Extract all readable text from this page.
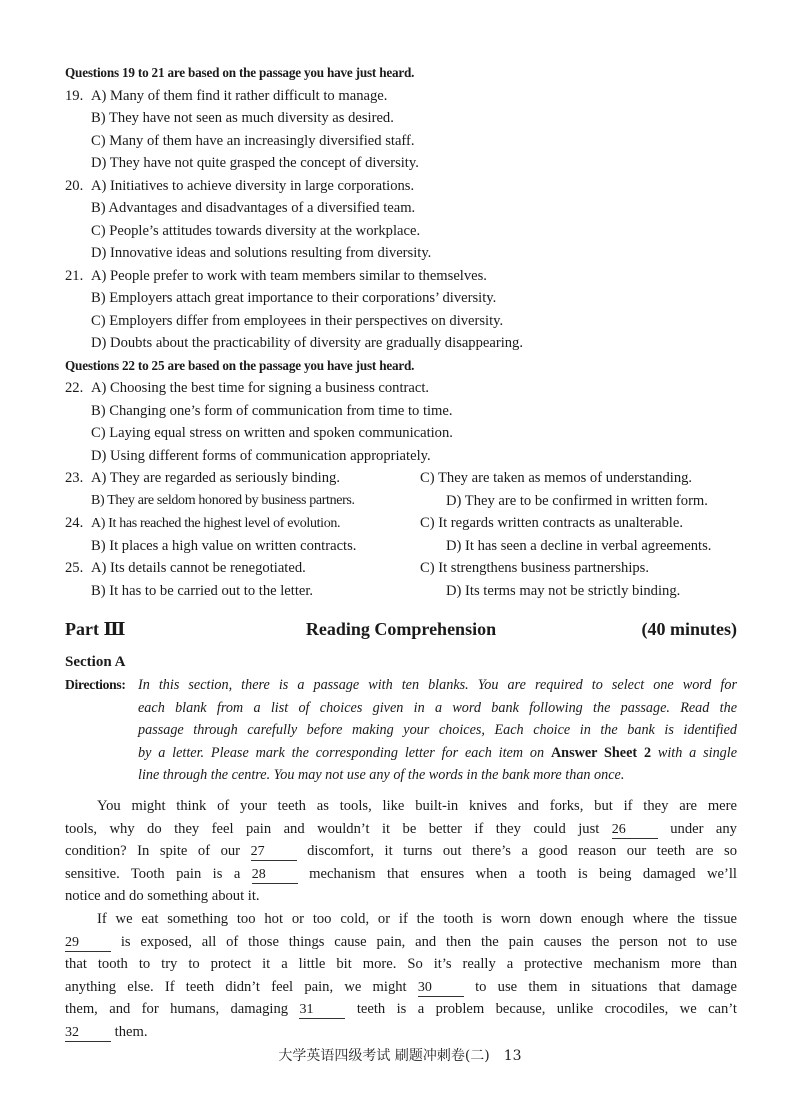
Questions 19 to 21 are based on the passage you have just heard.
19. A) Many of them find it rather difficult to manage.
B) They have not seen as much diversity as desired.
C) Many of them have an increasingly diversified staff.
D) They have not quite grasped the concept of diversity.
20. A) Initiatives to achieve diversity in large corporations.
B) Advantages and disadvantages of a diversified team.
C) People’s attitudes towards diversity at the workplace.
D) Innovative ideas and solutions resulting from diversity.
21. A) People prefer to work with team members similar to themselves.
B) Employers attach great importance to their corporations’ diversity.
C) Employers differ from employees in their perspectives on diversity.
D) Doubts about the practicability of diversity are gradually disappearing.
Questions 22 to 25 are based on the passage you have just heard.
22. A) Choosing the best time for signing a business contract.
B) Changing one’s form of communication from time to time.
C) Laying equal stress on written and spoken communication.
D) Using different forms of communication appropriately.
23. A) They are regarded as seriously binding.	C) They are taken as memos of understanding.
B) They are seldom honored by business partners.	D) They are to be confirmed in written form.
24. A) It has reached the highest level of evolution.	C) It regards written contracts as unalterable.
B) It places a high value on written contracts.	D) It has seen a decline in verbal agreements.
25. A) Its details cannot be renegotiated.	C) It strengthens business partnerships.
B) It has to be carried out to the letter.	D) Its terms may not be strictly binding.
Part Ⅲ	Reading Comprehension	(40 minutes)
Section A
Directions: In this section, there is a passage with ten blanks. You are required to select one word for
each blank from a list of choices given in a word bank following the passage. Read the
passage through carefully before making your choices, Each choice in the bank is identified
by a letter. Please mark the corresponding letter for each item on Answer Sheet 2 with a single
line through the centre. You may not use any of the words in the bank more than once.
You might think of your teeth as tools, like built-in knives and forks, but if they are mere
tools, why do they feel pain and wouldn’t it be better if they could just 26	under any
condition? In spite of our 27	discomfort, it turns out there’s a good reason our teeth are so
sensitive. Tooth pain is a 28	mechanism that ensures when a tooth is being damaged we’ll
notice and do something about it.
If we eat something too hot or too cold, or if the tooth is worn down enough where the tissue
29	is exposed, all of those things cause pain, and then the pain causes the person not to use
that tooth to try to protect it a little bit more. So it’s really a protective mechanism more than
anything else. If teeth didn’t feel pain, we might 30	to use them in situations that damage
them, and for humans, damaging 31	teeth is a problem because, unlike crocodiles, we can’t
32 them.
大学英语四级考试 刷题冲刺卷(二) 13
